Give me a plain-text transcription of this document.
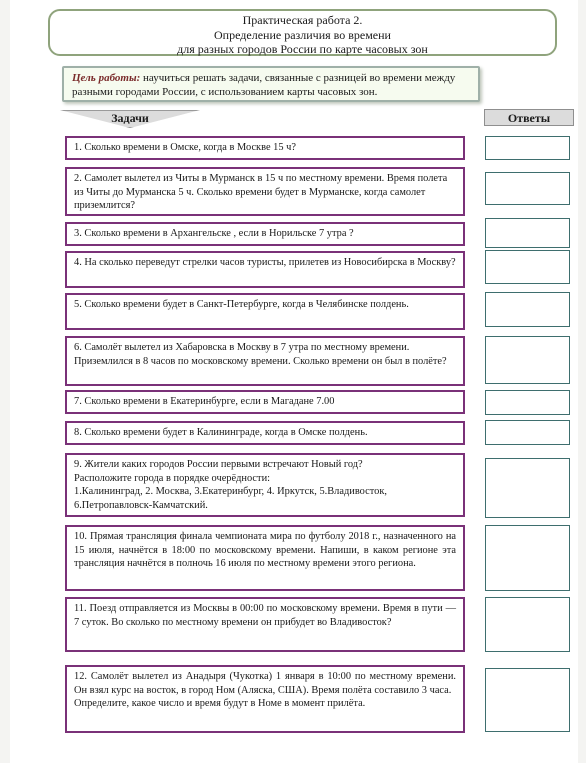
Практическая работа 2.
Определение различия во времени
для разных городов России по карте часовых зон
Цель работы: научиться решать задачи, связанные с разницей во времени между разными городами России, с использованием карты часовых зон.
Задачи	Ответы
1. Сколько времени в Омске, когда в Москве 15 ч?
2. Самолет вылетел из Читы в Мурманск в 15 ч по местному времени. Время полета из Читы до Мурманска 5 ч. Сколько времени будет в Мурманске, когда самолет приземлится?
3. Сколько времени в Архангельске , если в Норильске 7 утра ?
4. На сколько переведут стрелки часов туристы, прилетев из Новосибирска в Москву?
5. Сколько времени будет в Санкт-Петербурге, когда в Челябинске полдень.
6. Самолёт вылетел из Хабаровска в Москву в 7 утра по местному времени. Приземлился в 8 часов по московскому времени. Сколько времени он был в полёте?
7. Сколько времени в Екатеринбурге, если в Магадане 7.00
8. Сколько времени будет в Калининграде, когда в Омске полдень.
9. Жители каких городов России первыми встречают Новый год?
Расположите города в порядке очерёдности:
1.Калининград, 2. Москва, 3.Екатеринбург, 4. Иркутск, 5.Владивосток, 6.Петропавловск-Камчатский.
10. Прямая трансляция финала чемпионата мира по футболу 2018 г., назначенного на 15 июля, начнётся в 18:00 по московскому времени. Напиши, в каком регионе эта трансляция начнётся в полночь 16 июля по местному времени этого региона.
11. Поезд отправляется из Москвы в 00:00 по московскому времени. Время в пути — 7 суток. Во сколько по местному времени он прибудет во Владивосток?
12. Самолёт вылетел из Анадыря (Чукотка) 1 января в 10:00 по местному времени. Он взял курс на восток, в город Ном (Аляска, США). Время полёта составило 3 часа.
Определите, какое число и время будут в Номе в момент прилёта.
